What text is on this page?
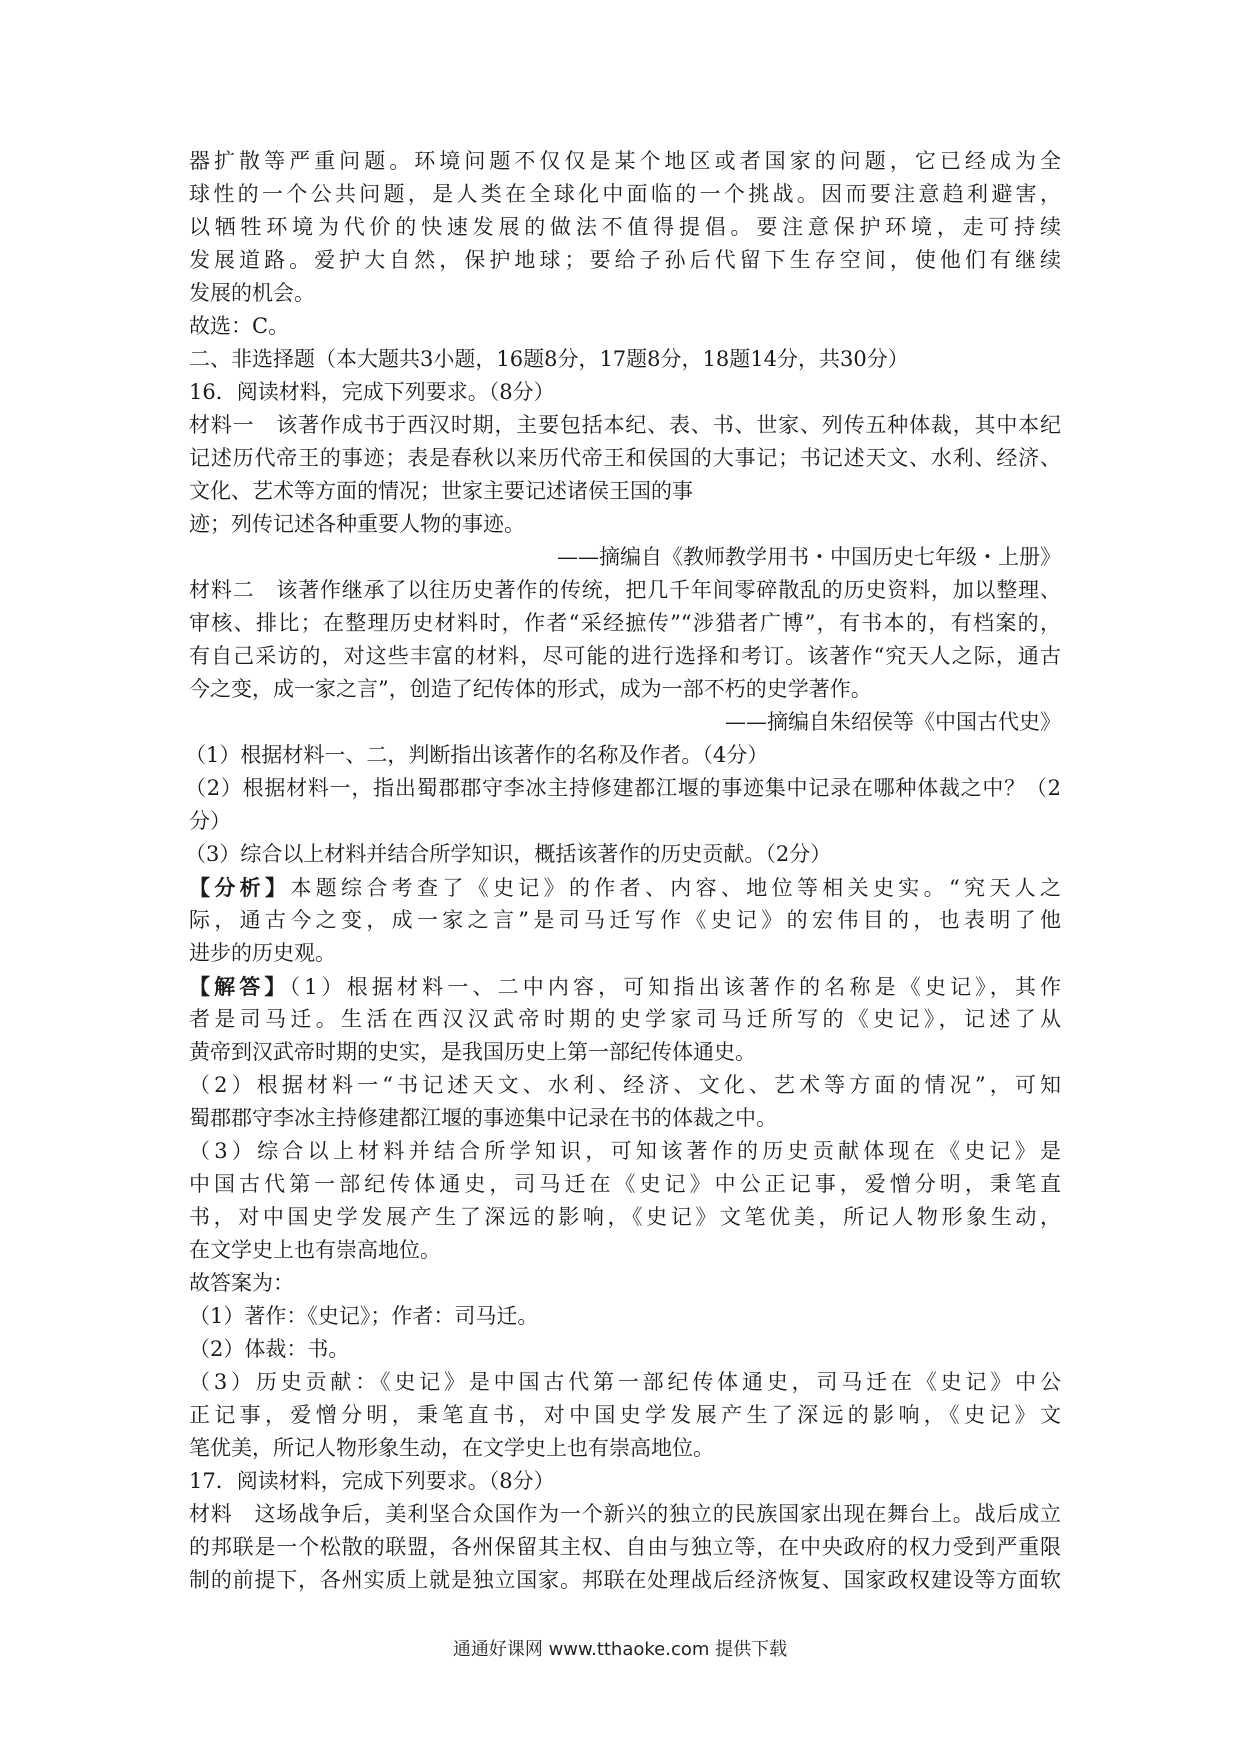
器扩散等严重问题。环境问题不仅仅是某个地区或者国家的问题，它已经成为全
球性的一个公共问题，是人类在全球化中面临的一个挑战。因而要注意趋利避害，
以牺牲环境为代价的快速发展的做法不值得提倡。要注意保护环境，走可持续
发展道路。爱护大自然，保护地球；要给子孙后代留下生存空间，使他们有继续
发展的机会。
故选：C。
二、非选择题（本大题共3小题，16题8分，17题8分，18题14分，共30分）
16．阅读材料，完成下列要求。（8分）
材料一　该著作成书于西汉时期，主要包括本纪、表、书、世家、列传五种体裁，其中本纪
记述历代帝王的事迹；表是春秋以来历代帝王和侯国的大事记；书记述天文、水利、经济、
文化、艺术等方面的情况；世家主要记述诸侯王国的事
迹；列传记述各种重要人物的事迹。
——摘编自《教师教学用书・中国历史七年级・上册》
材料二　该著作继承了以往历史著作的传统，把几千年间零碎散乱的历史资料，加以整理、
审核、排比；在整理历史材料时，作者“采经摭传”“涉猎者广博”，有书本的，有档案的，
有自己采访的，对这些丰富的材料，尽可能的进行选择和考订。该著作“究天人之际，通古
今之变，成一家之言”，创造了纪传体的形式，成为一部不朽的史学著作。
——摘编自朱绍侯等《中国古代史》
（1）根据材料一、二，判断指出该著作的名称及作者。（4分）
（2）根据材料一，指出蜀郡郡守李冰主持修建都江堰的事迹集中记录在哪种体裁之中？（2
分）
（3）综合以上材料并结合所学知识，概括该著作的历史贡献。（2分）
【分析】本题综合考查了《史记》的作者、内容、地位等相关史实。“究天人之
际，通古今之变，成一家之言”是司马迁写作《史记》的宏伟目的，也表明了他
进步的历史观。
【解答】（1）根据材料一、二中内容，可知指出该著作的名称是《史记》，其作
者是司马迁。生活在西汉汉武帝时期的史学家司马迁所写的《史记》，记述了从
黄帝到汉武帝时期的史实，是我国历史上第一部纪传体通史。
（2）根据材料一“书记述天文、水利、经济、文化、艺术等方面的情况”，可知
蜀郡郡守李冰主持修建都江堰的事迹集中记录在书的体裁之中。
（3）综合以上材料并结合所学知识，可知该著作的历史贡献体现在《史记》是
中国古代第一部纪传体通史，司马迁在《史记》中公正记事，爱憎分明，秉笔直
书，对中国史学发展产生了深远的影响，《史记》文笔优美，所记人物形象生动，
在文学史上也有崇高地位。
故答案为：
（1）著作：《史记》；作者：司马迁。
（2）体裁：书。
（3）历史贡献：《史记》是中国古代第一部纪传体通史，司马迁在《史记》中公
正记事，爱憎分明，秉笔直书，对中国史学发展产生了深远的影响，《史记》文
笔优美，所记人物形象生动，在文学史上也有崇高地位。
17．阅读材料，完成下列要求。（8分）
材料　这场战争后，美利坚合众国作为一个新兴的独立的民族国家出现在舞台上。战后成立
的邦联是一个松散的联盟，各州保留其主权、自由与独立等，在中央政府的权力受到严重限
制的前提下，各州实质上就是独立国家。邦联在处理战后经济恢复、国家政权建设等方面软
通通好课网 www.tthaoke.com 提供下载
